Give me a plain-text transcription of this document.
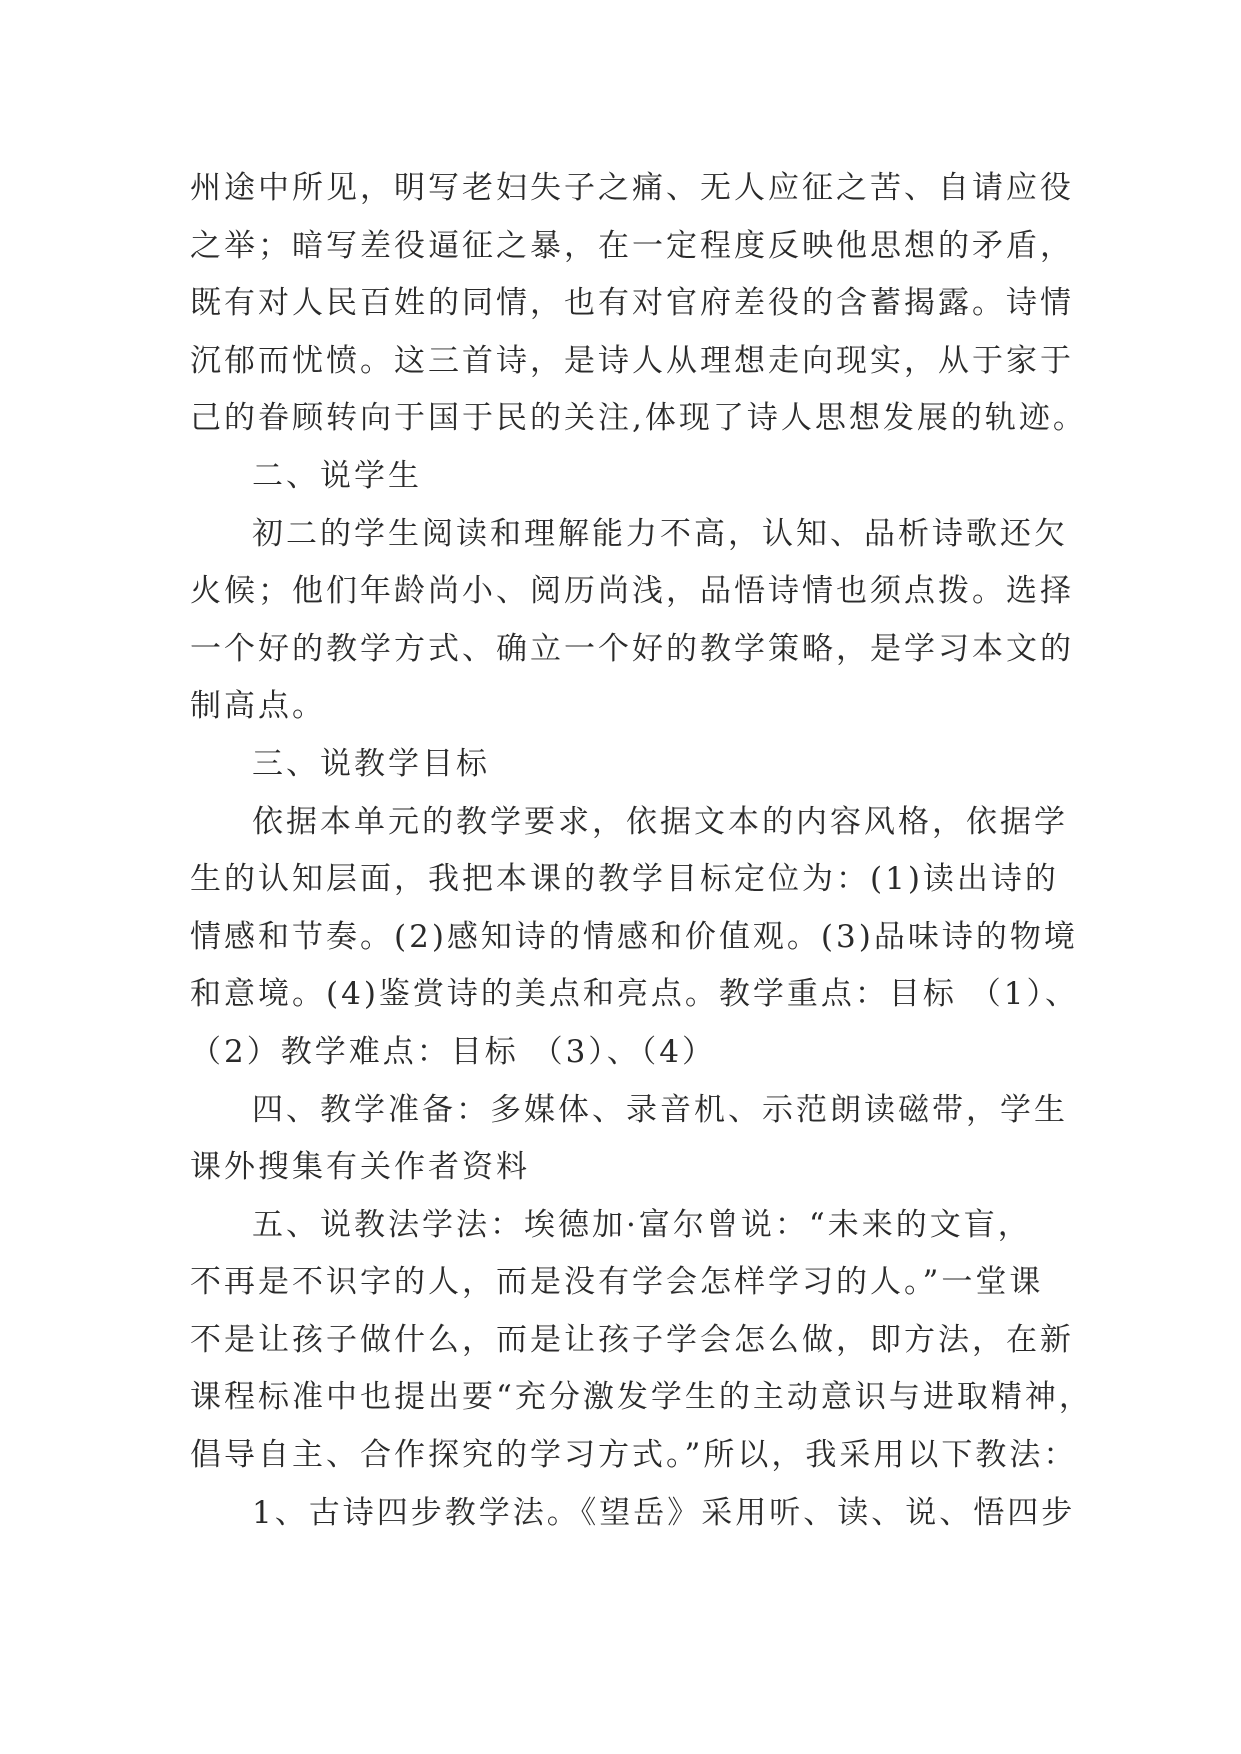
州途中所见，明写老妇失子之痛、无人应征之苦、自请应役
之举；暗写差役逼征之暴，在一定程度反映他思想的矛盾，
既有对人民百姓的同情，也有对官府差役的含蓄揭露。诗情
沉郁而忧愤。这三首诗，是诗人从理想走向现实，从于家于
己的眷顾转向于国于民的关注,体现了诗人思想发展的轨迹。
二、说学生
初二的学生阅读和理解能力不高，认知、品析诗歌还欠
火候；他们年龄尚小、阅历尚浅，品悟诗情也须点拨。选择
一个好的教学方式、确立一个好的教学策略，是学习本文的
制高点。
三、说教学目标
依据本单元的教学要求，依据文本的内容风格，依据学
生的认知层面，我把本课的教学目标定位为：(1)读出诗的
情感和节奏。(2)感知诗的情感和价值观。(3)品味诗的物境
和意境。(4)鉴赏诗的美点和亮点。教学重点：目标 （1）、
（2）教学难点：目标 （3）、（4）
四、教学准备：多媒体、录音机、示范朗读磁带，学生
课外搜集有关作者资料
五、说教法学法：埃德加·富尔曾说：“未来的文盲，
不再是不识字的人，而是没有学会怎样学习的人。”一堂课
不是让孩子做什么，而是让孩子学会怎么做，即方法，在新
课程标准中也提出要“充分激发学生的主动意识与进取精神，
倡导自主、合作探究的学习方式。”所以，我采用以下教法：
1、古诗四步教学法。《望岳》采用听、读、说、悟四步
